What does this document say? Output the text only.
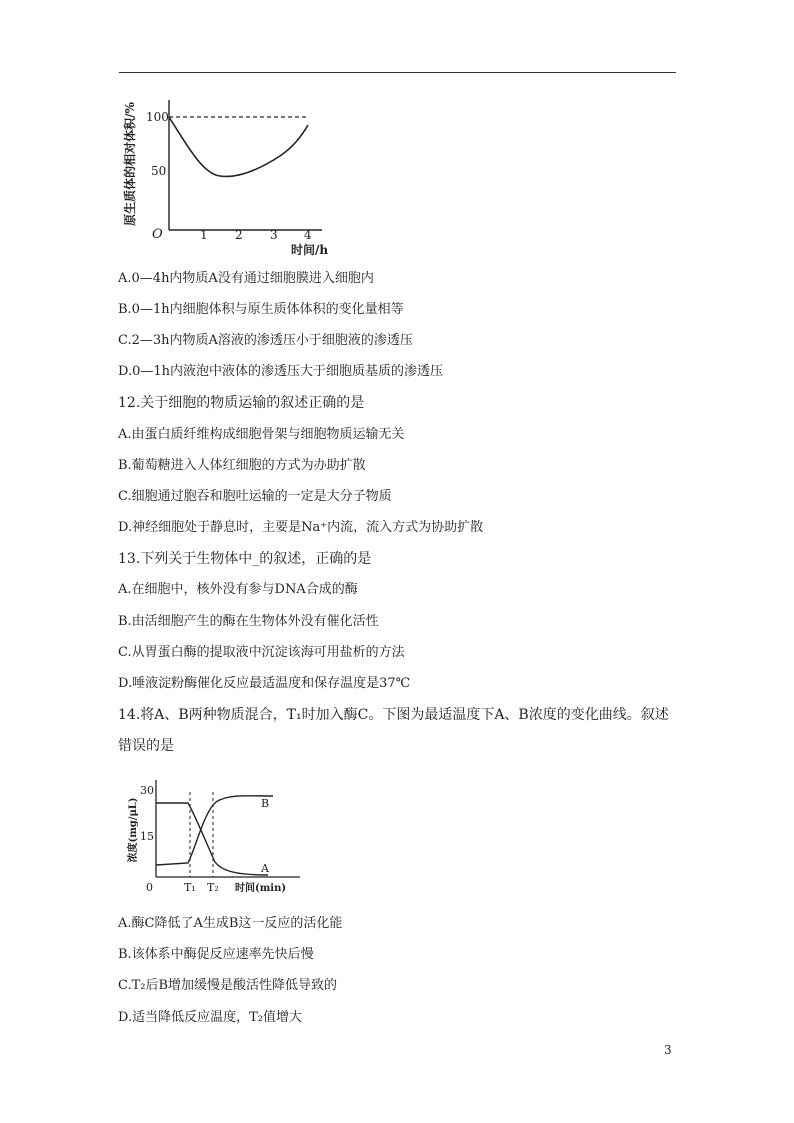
原生质体的相对体积/% 100
50
O	1 2 3 4
时间/h
A.0—4h内物质A没有通过细胞膜进入细胞内
B.0—1h内细胞体积与原生质体体积的变化量相等
C.2—3h内物质A溶液的渗透压小于细胞液的渗透压
D.0—1h内液泡中液体的渗透压大于细胞质基质的渗透压
12.关于细胞的物质运输的叙述正确的是
A.由蛋白质纤维构成细胞骨架与细胞物质运输无关
B.葡萄糖进入人体红细胞的方式为办助扩散
C.细胞通过胞吞和胞吐运输的一定是大分子物质
D.神经细胞处于静息时，主要是Na⁺内流，流入方式为协助扩散
13.下列关于生物体中_的叙述，正确的是
A.在细胞中，核外没有参与DNA合成的酶
B.由活细胞产生的酶在生物体外没有催化活性
C.从胃蛋白酶的提取液中沉淀该海可用盐析的方法
D.唾液淀粉酶催化反应最适温度和保存温度是37℃
14.将A、B两种物质混合，T₁时加入酶C。下图为最适温度下A、B浓度的变化曲线。叙述
错误的是
浓度(mg/μL)
30
15
B
A
0	T₁ T₂ 时间(min)
A.酶C降低了A生成B这一反应的活化能
B.该体系中酶促反应速率先快后慢
C.T₂后B增加缓慢是酸活性降低导致的
D.适当降低反应温度，T₂值增大
3
